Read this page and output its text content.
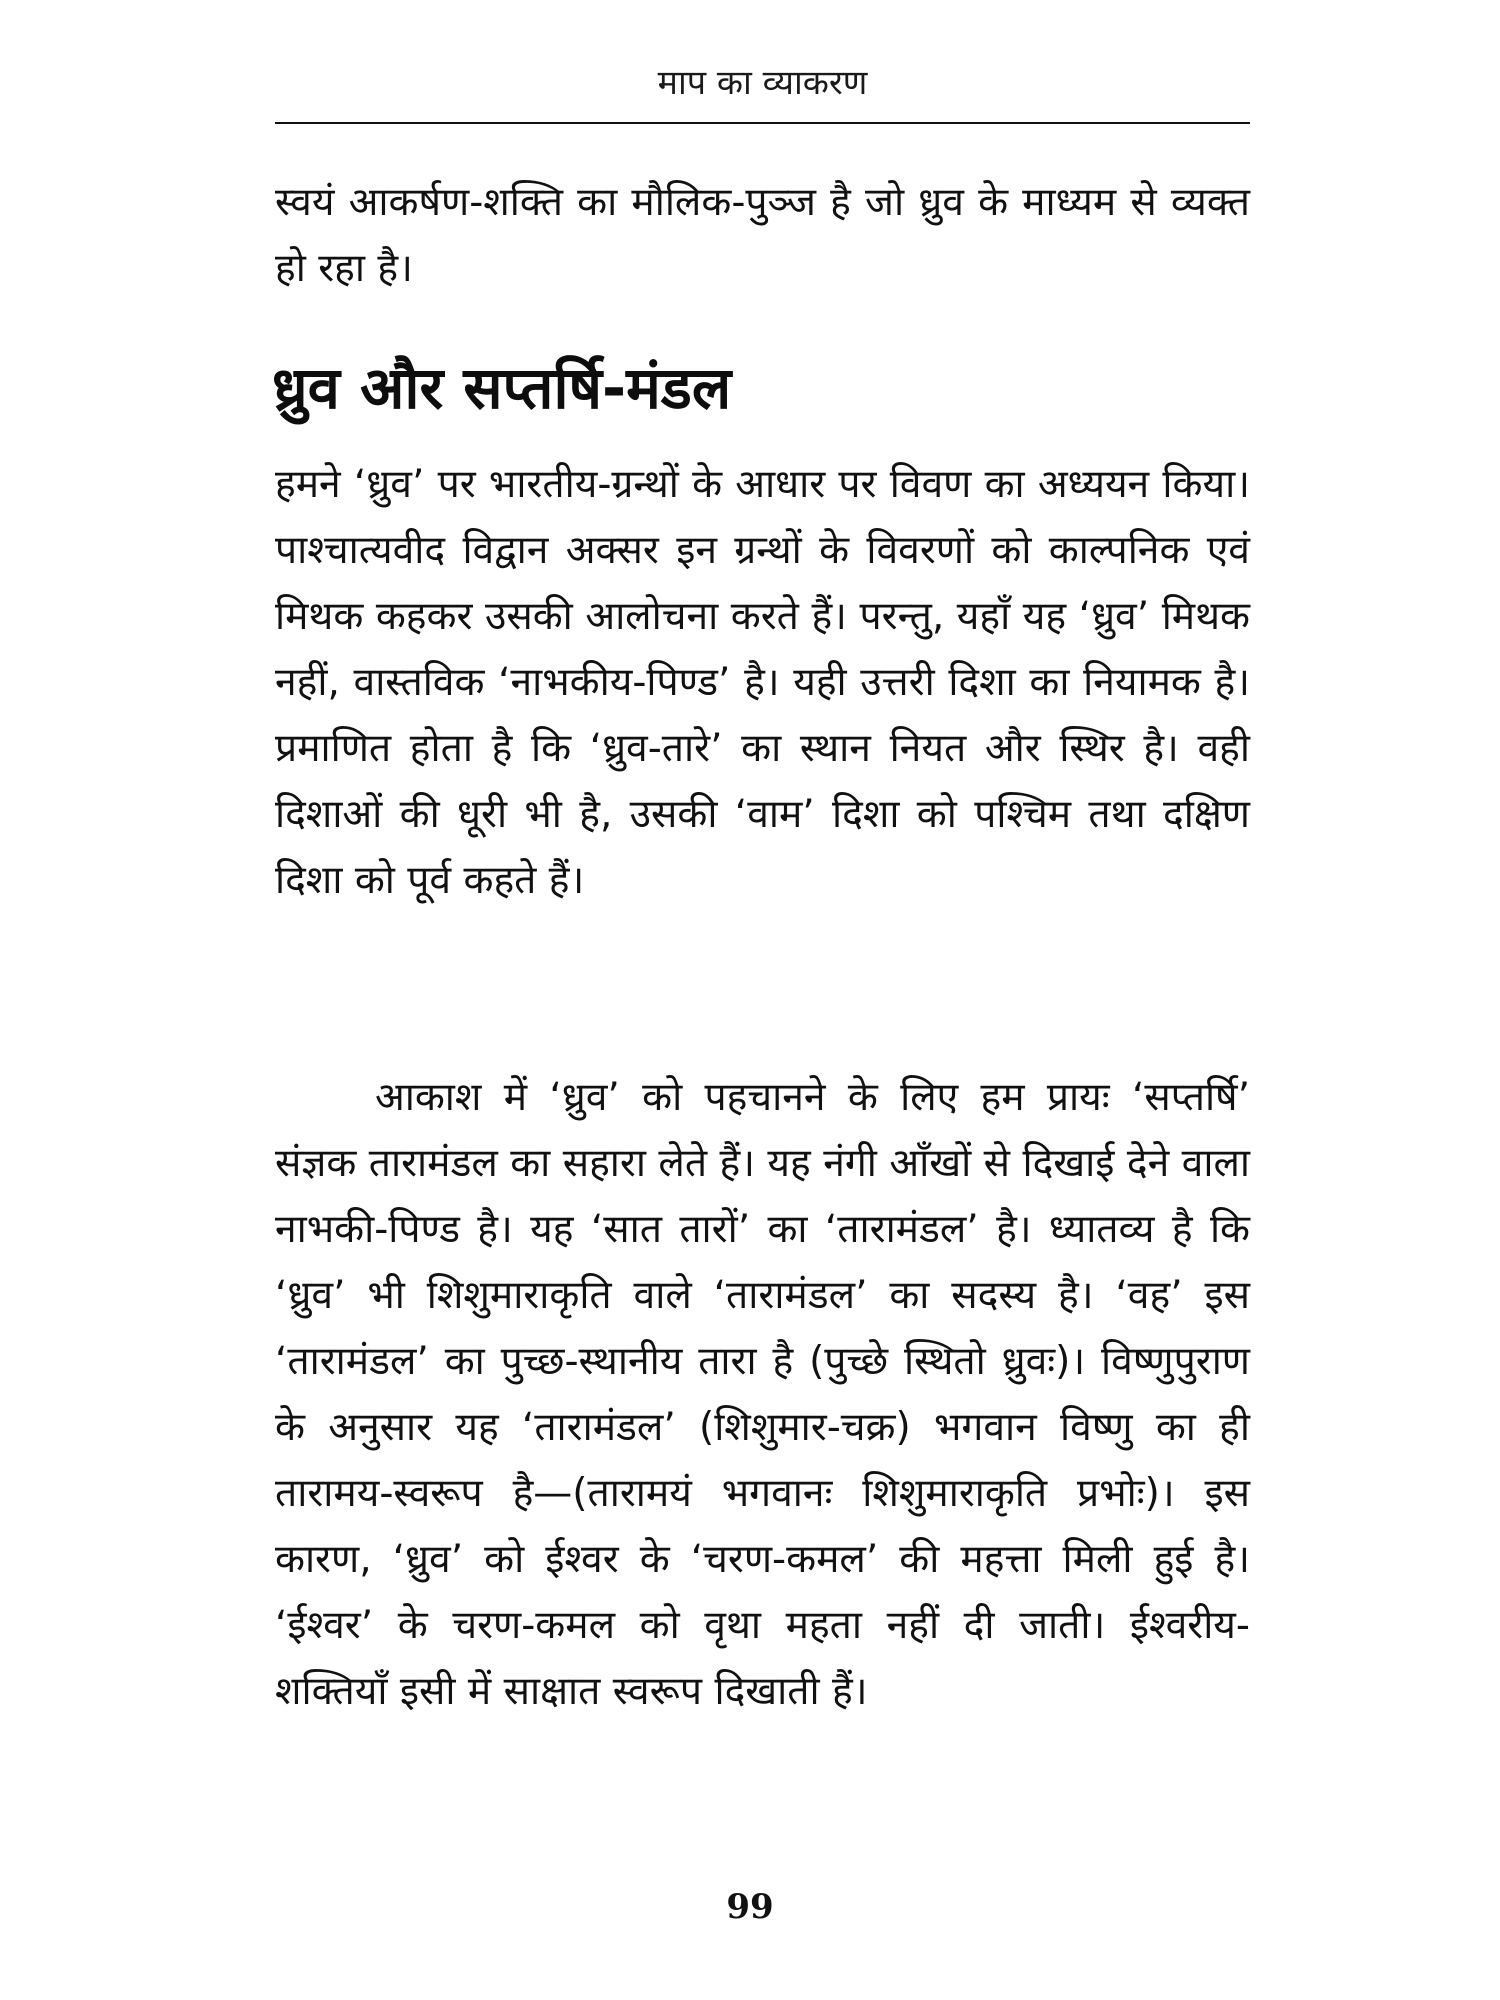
माप का व्याकरण

स्वयं आकर्षण-शक्ति का मौलिक-पुञ्ज है जो ध्रुव के माध्यम से व्यक्त हो रहा है।

ध्रुव और सप्तर्षि-मंडल

हमने ‘ध्रुव’ पर भारतीय-ग्रन्थों के आधार पर विवण का अध्ययन किया। पाश्चात्यवीद विद्वान अक्सर इन ग्रन्थों के विवरणों को काल्पनिक एवं मिथक कहकर उसकी आलोचना करते हैं। परन्तु, यहाँ यह ‘ध्रुव’ मिथक नहीं, वास्तविक ‘नाभकीय-पिण्ड’ है। यही उत्तरी दिशा का नियामक है। प्रमाणित होता है कि ‘ध्रुव-तारे’ का स्थान नियत और स्थिर है। वही दिशाओं की धूरी भी है, उसकी ‘वाम’ दिशा को पश्चिम तथा दक्षिण दिशा को पूर्व कहते हैं।

आकाश में ‘ध्रुव’ को पहचानने के लिए हम प्रायः ‘सप्तर्षि’ संज्ञक तारामंडल का सहारा लेते हैं। यह नंगी आँखों से दिखाई देने वाला नाभकी-पिण्ड है। यह ‘सात तारों’ का ‘तारामंडल’ है। ध्यातव्य है कि ‘ध्रुव’ भी शिशुमाराकृति वाले ‘तारामंडल’ का सदस्य है। ‘वह’ इस ‘तारामंडल’ का पुच्छ-स्थानीय तारा है (पुच्छे स्थितो ध्रुवः)। विष्णुपुराण के अनुसार यह ‘तारामंडल’ (शिशुमार-चक्र) भगवान विष्णु का ही तारामय-स्वरूप है—(तारामयं भगवानः शिशुमाराकृति प्रभोः)। इस कारण, ‘ध्रुव’ को ईश्वर के ‘चरण-कमल’ की महत्ता मिली हुई है। ‘ईश्वर’ के चरण-कमल को वृथा महता नहीं दी जाती। ईश्वरीय-शक्तियाँ इसी में साक्षात स्वरूप दिखाती हैं।

99
